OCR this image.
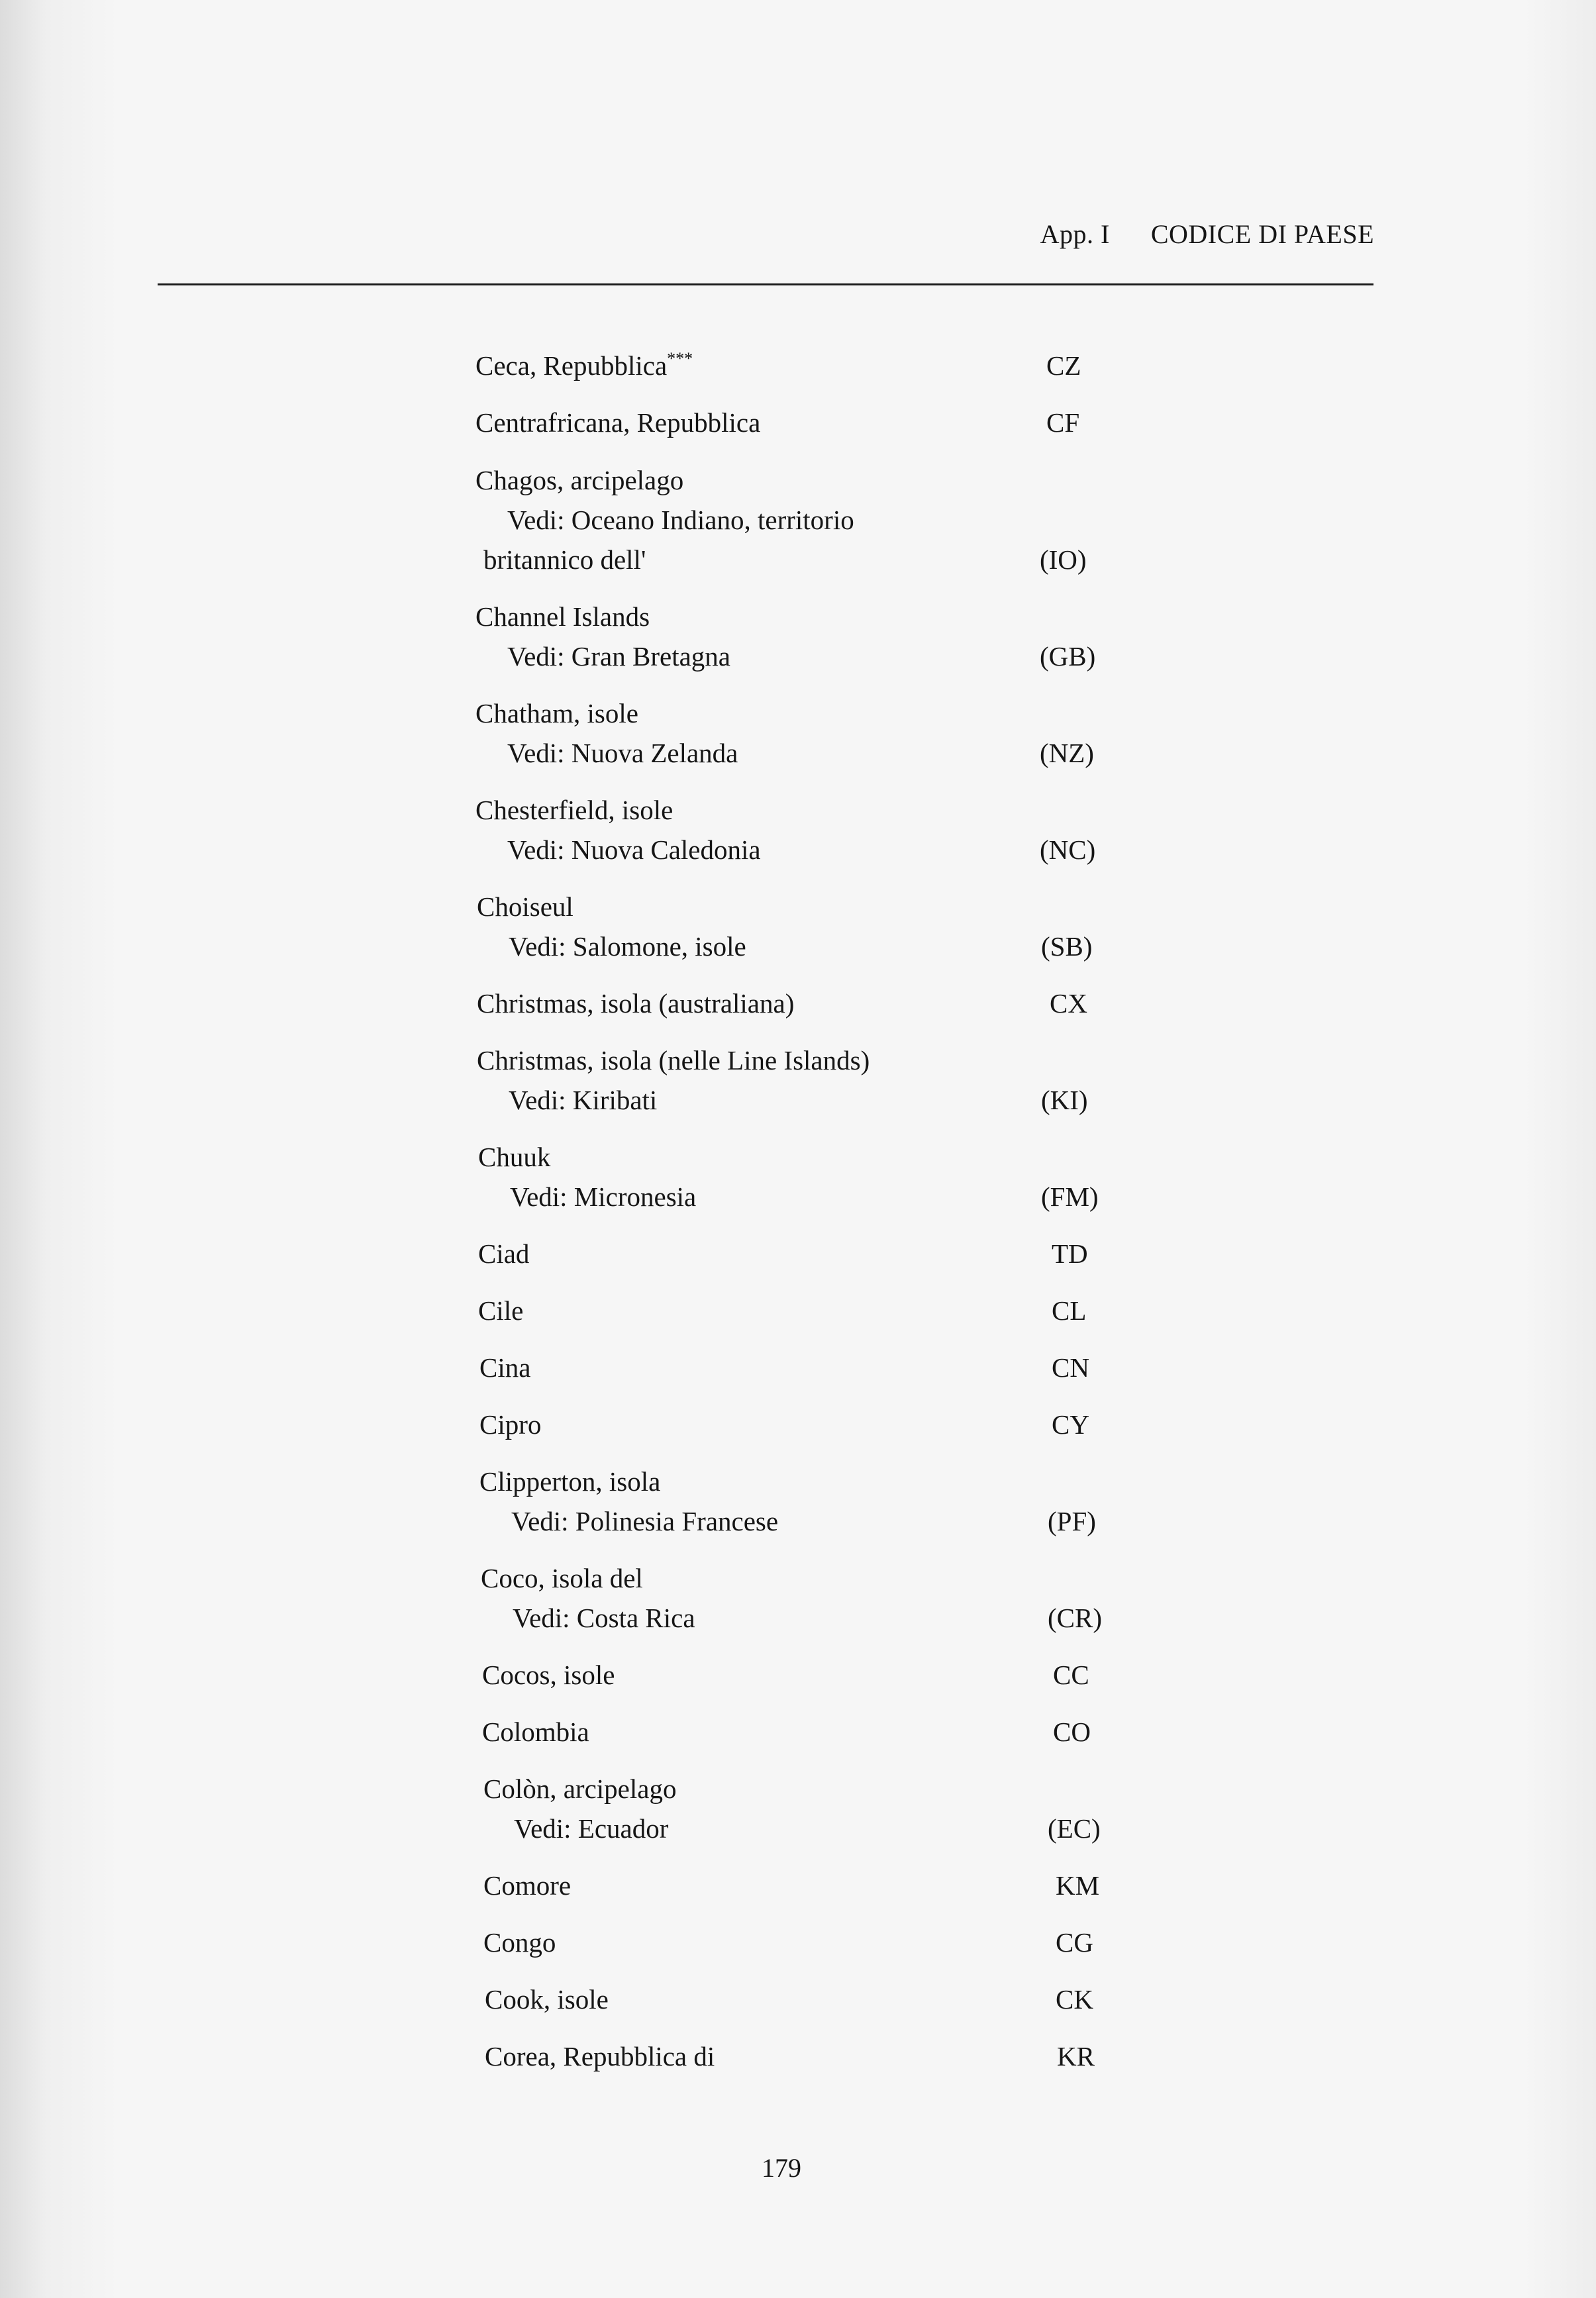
App. I CODICE DI PAESE
Ceca, Repubblica***	CZ
Centrafricana, Repubblica	CF
Chagos, arcipelago
Vedi: Oceano Indiano, territorio
britannico dell'	(IO)
Channel Islands
Vedi: Gran Bretagna	(GB)
Chatham, isole
Vedi: Nuova Zelanda	(NZ)
Chesterfield, isole
Vedi: Nuova Caledonia	(NC)
Choiseul
Vedi: Salomone, isole	(SB)
Christmas, isola (australiana)	CX
Christmas, isola (nelle Line Islands)
Vedi: Kiribati	(KI)
Chuuk
Vedi: Micronesia	(FM)
Ciad	TD
Cile	CL
Cina	CN
Cipro	CY
Clipperton, isola
Vedi: Polinesia Francese	(PF)
Coco, isola del
Vedi: Costa Rica	(CR)
Cocos, isole	CC
Colombia	CO
Colòn, arcipelago
Vedi: Ecuador	(EC)
Comore	KM
Congo	CG
Cook, isole	CK
Corea, Repubblica di	KR
179
